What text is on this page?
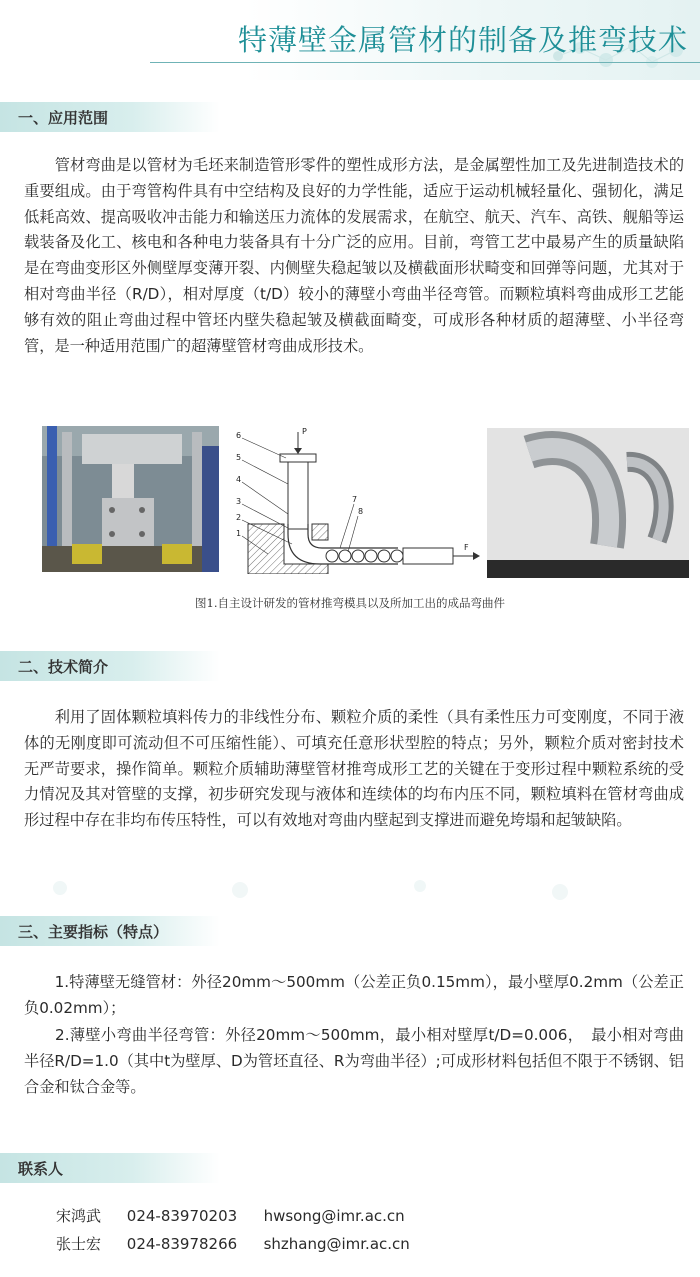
特薄壁金属管材的制备及推弯技术
一、应用范围
　　管材弯曲是以管材为毛坯来制造管形零件的塑性成形方法，是金属塑性加工及先进制造技术的重要组成。由于弯管构件具有中空结构及良好的力学性能，适应于运动机械轻量化、强韧化，满足低耗高效、提高吸收冲击能力和输送压力流体的发展需求，在航空、航天、汽车、高铁、舰船等运载装备及化工、核电和各种电力装备具有十分广泛的应用。目前，弯管工艺中最易产生的质量缺陷是在弯曲变形区外侧壁厚变薄开裂、内侧壁失稳起皱以及横截面形状畸变和回弹等问题，尤其对于相对弯曲半径（R/D），相对厚度（t/D）较小的薄壁小弯曲半径弯管。而颗粒填料弯曲成形工艺能够有效的阻止弯曲过程中管坯内壁失稳起皱及横截面畸变，可成形各种材质的超薄壁、小半径弯管，是一种适用范围广的超薄壁管材弯曲成形技术。
6
5
4
3
2
1
7
8
P
F
图1.自主设计研发的管材推弯模具以及所加工出的成品弯曲件
二、技术简介
　　利用了固体颗粒填料传力的非线性分布、颗粒介质的柔性（具有柔性压力可变刚度，不同于液体的无刚度即可流动但不可压缩性能）、可填充任意形状型腔的特点；另外，颗粒介质对密封技术无严苛要求，操作简单。颗粒介质辅助薄壁管材推弯成形工艺的关键在于变形过程中颗粒系统的受力情况及其对管壁的支撑，初步研究发现与液体和连续体的均布内压不同，颗粒填料在管材弯曲成形过程中存在非均布传压特性，可以有效地对弯曲内壁起到支撑进而避免垮塌和起皱缺陷。
三、主要指标（特点）
　　1.特薄壁无缝管材：外径20mm～500mm（公差正负0.15mm），最小壁厚0.2mm（公差正负0.02mm）；
　　2.薄壁小弯曲半径弯管：外径20mm～500mm，最小相对壁厚t/D=0.006，　最小相对弯曲半径R/D=1.0（其中t为壁厚、D为管坯直径、R为弯曲半径）;可成形材料包括但不限于不锈钢、铝合金和钛合金等。
联系人
宋鸿武 024-83970203 hwsong@imr.ac.cn
张士宏 024-83978266 shzhang@imr.ac.cn
